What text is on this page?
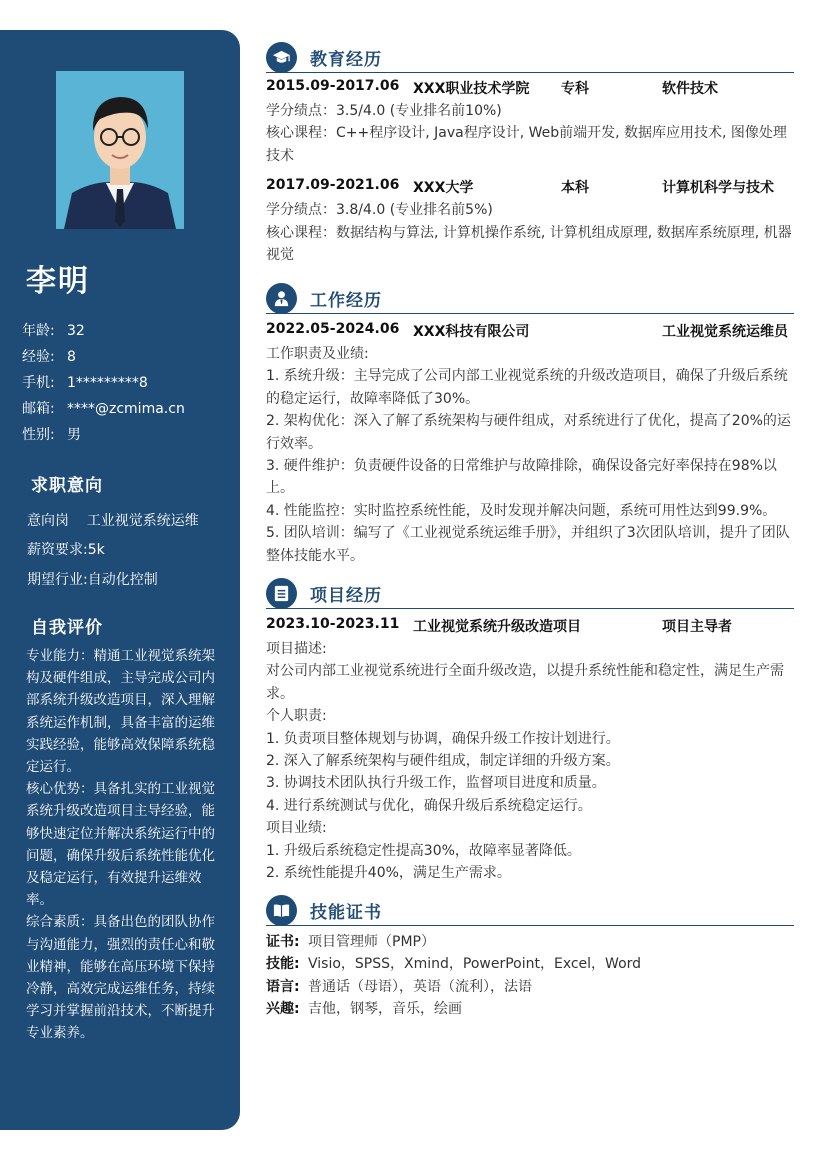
李明
年龄: 32
经验: 8
手机: 1*********8
邮箱: ****@zcmima.cn
性别: 男
求职意向
意向岗 工业视觉系统运维
薪资要求:5k
期望行业:自动化控制
自我评价

专业能力：精通工业视觉系统架构及硬件组成，主导完成公司内部系统升级改造项目，深入理解系统运作机制，具备丰富的运维实践经验，能够高效保障系统稳定运行。

核心优势：具备扎实的工业视觉系统升级改造项目主导经验，能够快速定位并解决系统运行中的问题，确保升级后系统性能优化及稳定运行，有效提升运维效率。

综合素质：具备出色的团队协作与沟通能力，强烈的责任心和敬业精神，能够在高压环境下保持冷静，高效完成运维任务，持续学习并掌握前沿技术，不断提升专业素养。

教育经历
2015.09-2017.06 XXX职业技术学院 专科	软件技术

学分绩点：3.5/4.0 (专业排名前10%)

核心课程：C++程序设计, Java程序设计, Web前端开发, 数据库应用技术, 图像处理技术

2017.09-2021.06 XXX大学	本科	计算机科学与技术

学分绩点：3.8/4.0 (专业排名前5%)

核心课程：数据结构与算法, 计算机操作系统, 计算机组成原理, 数据库系统原理, 机器视觉

工作经历
2022.05-2024.06 XXX科技有限公司	工业视觉系统运维员

工作职责及业绩:

1. 系统升级：主导完成了公司内部工业视觉系统的升级改造项目，确保了升级后系统的稳定运行，故障率降低了30%。

2. 架构优化：深入了解了系统架构与硬件组成，对系统进行了优化，提高了20%的运行效率。

3. 硬件维护：负责硬件设备的日常维护与故障排除，确保设备完好率保持在98%以上。

4. 性能监控：实时监控系统性能，及时发现并解决问题，系统可用性达到99.9%。

5. 团队培训：编写了《工业视觉系统运维手册》，并组织了3次团队培训，提升了团队整体技能水平。

项目经历
2023.10-2023.11 工业视觉系统升级改造项目	项目主导者

项目描述:

对公司内部工业视觉系统进行全面升级改造，以提升系统性能和稳定性，满足生产需求。

个人职责:

1. 负责项目整体规划与协调，确保升级工作按计划进行。

2. 深入了解系统架构与硬件组成，制定详细的升级方案。

3. 协调技术团队执行升级工作，监督项目进度和质量。

4. 进行系统测试与优化，确保升级后系统稳定运行。

项目业绩:

1. 升级后系统稳定性提高30%，故障率显著降低。

2. 系统性能提升40%，满足生产需求。

技能证书

证书: 项目管理师（PMP）

技能: Visio，SPSS，Xmind，PowerPoint，Excel，Word

语言: 普通话（母语），英语（流利），法语

兴趣: 吉他，钢琴，音乐，绘画
